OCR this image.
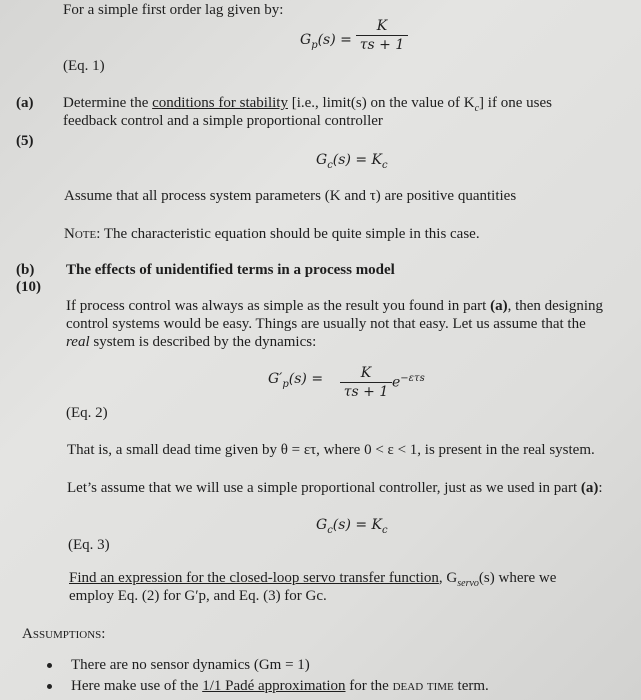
For a simple first order lag given by:
$G_p(s)$ =
K
τs + 1
(Eq. 1)
(a)
(5)
Determine the conditions for stability [i.e., limit(s) on the value of $K_c$] if one uses
feedback control and a simple proportional controller
$G_c(s) = K_c$
Assume that all process system parameters (K and τ) are positive quantities
Note: The characteristic equation should be quite simple in this case.
(b)
(10)
The effects of unidentified terms in a process model
If process control was always as simple as the result you found in part (a), then designing
control systems would be easy. Things are usually not that easy. Let us assume that the
real system is described by the dynamics:
$G'_p(s)$ =	K
τs + 1
$e^{-\varepsilon\tau s}$
(Eq. 2)
That is, a small dead time given by θ = ετ, where 0 < ε < 1, is present in the real system.
Let’s assume that we will use a simple proportional controller, just as we used in part (a):
$G_c(s) = K_c$
(Eq. 3)
Find an expression for the closed-loop servo transfer function, $G_{servo}(s)$ where we
employ Eq. (2) for G′p, and Eq. (3) for Gc.
Assumptions:
There are no sensor dynamics (Gm = 1)
Here make use of the 1/1 Padé approximation for the dead time term.
